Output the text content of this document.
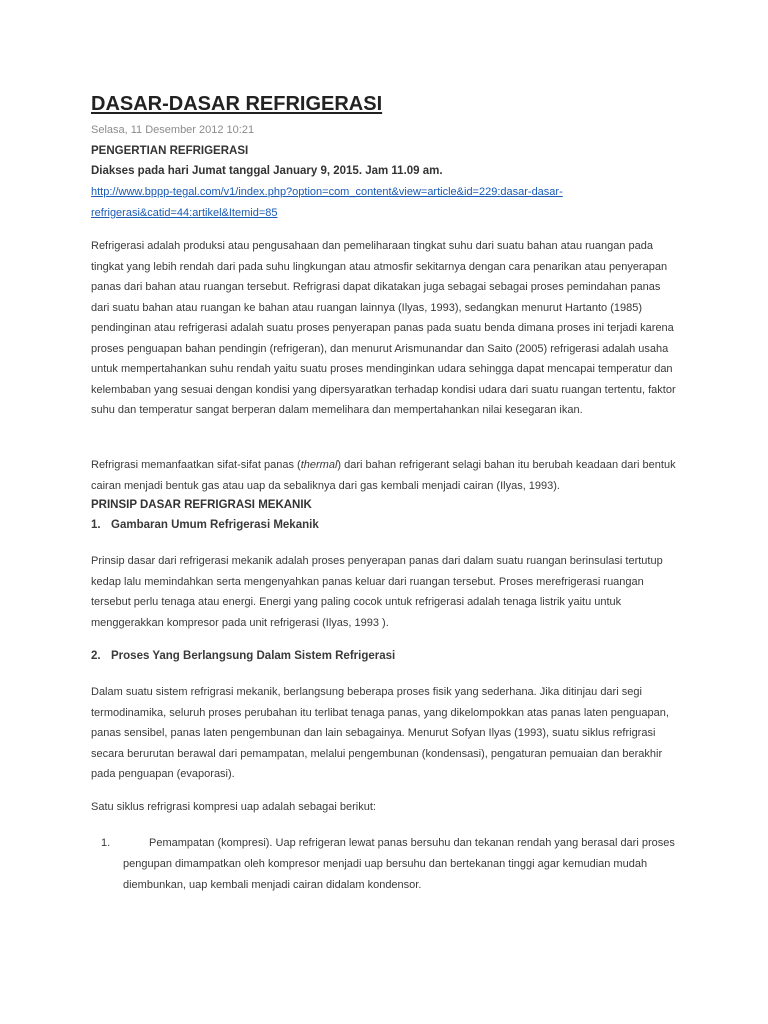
DASAR-DASAR REFRIGERASI
Selasa, 11 Desember 2012 10:21
PENGERTIAN REFRIGERASI
Diakses pada hari Jumat tanggal January 9, 2015. Jam 11.09 am.
http://www.bppp-tegal.com/v1/index.php?option=com_content&view=article&id=229:dasar-dasar-refrigerasi&catid=44:artikel&Itemid=85

Refrigerasi adalah produksi atau pengusahaan dan pemeliharaan tingkat suhu dari suatu bahan atau ruangan pada tingkat yang lebih rendah dari pada suhu lingkungan atau atmosfir sekitarnya dengan cara penarikan atau penyerapan panas dari bahan atau ruangan tersebut. Refrigrasi dapat dikatakan juga sebagai sebagai proses pemindahan panas dari suatu bahan atau ruangan ke bahan atau ruangan lainnya (Ilyas, 1993), sedangkan menurut Hartanto (1985) pendinginan atau refrigerasi adalah suatu proses penyerapan panas pada suatu benda dimana proses ini terjadi karena proses penguapan bahan pendingin (refrigeran), dan menurut Arismunandar dan Saito (2005) refrigerasi adalah usaha untuk mempertahankan suhu rendah yaitu suatu proses mendinginkan udara sehingga dapat mencapai temperatur dan kelembaban yang sesuai dengan kondisi yang dipersyaratkan terhadap kondisi udara dari suatu ruangan tertentu, faktor suhu dan temperatur sangat berperan dalam memelihara dan mempertahankan nilai kesegaran ikan.

Refrigrasi memanfaatkan sifat-sifat panas (thermal) dari bahan refrigerant selagi bahan itu berubah keadaan dari bentuk cairan menjadi bentuk gas atau uap da sebaliknya dari gas kembali menjadi cairan (Ilyas, 1993).

PRINSIP DASAR REFRIGRASI MEKANIK
1. Gambaran Umum Refrigerasi Mekanik

Prinsip dasar dari refrigerasi mekanik adalah proses penyerapan panas dari dalam suatu ruangan berinsulasi tertutup kedap lalu memindahkan serta mengenyahkan panas keluar dari ruangan tersebut. Proses merefrigerasi ruangan tersebut perlu tenaga atau energi. Energi yang paling cocok untuk refrigerasi adalah tenaga listrik yaitu untuk menggerakkan kompresor pada unit refrigerasi (Ilyas, 1993 ).

2. Proses Yang Berlangsung Dalam Sistem Refrigerasi

Dalam suatu sistem refrigrasi mekanik, berlangsung beberapa proses fisik yang sederhana. Jika ditinjau dari segi termodinamika, seluruh proses perubahan itu terlibat tenaga panas, yang dikelompokkan atas panas laten penguapan, panas sensibel, panas laten pengembunan dan lain sebagainya. Menurut Sofyan Ilyas (1993), suatu siklus refrigrasi secara berurutan berawal dari pemampatan, melalui pengembunan (kondensasi), pengaturan pemuaian dan berakhir pada penguapan (evaporasi).

Satu siklus refrigrasi kompresi uap adalah sebagai berikut:

1.	Pemampatan (kompresi). Uap refrigeran lewat panas bersuhu dan tekanan rendah yang berasal dari proses pengupan dimampatkan oleh kompresor menjadi uap bersuhu dan bertekanan tinggi agar kemudian mudah diembunkan, uap kembali menjadi cairan didalam kondensor.
